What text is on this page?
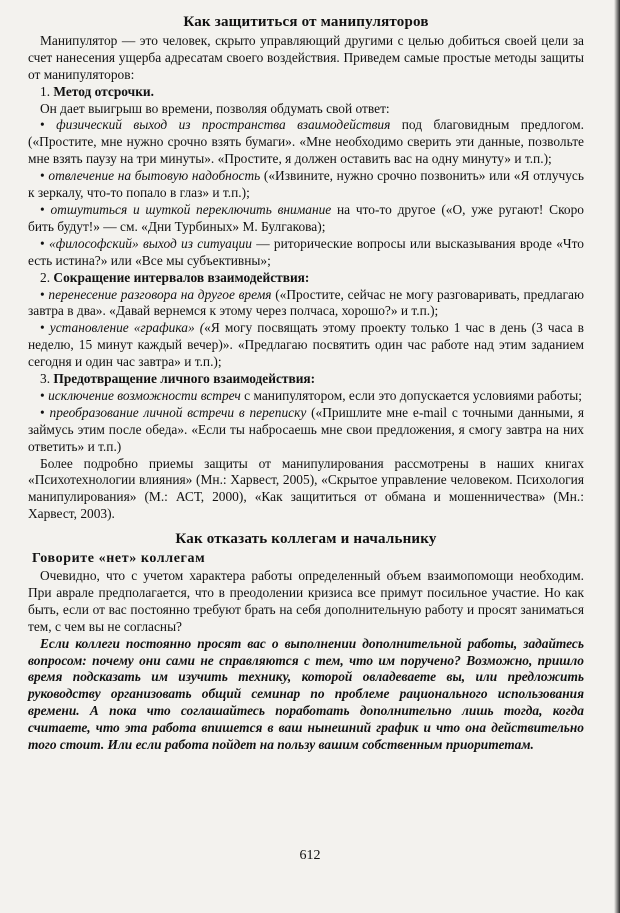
Как защититься от манипуляторов

Манипулятор — это человек, скрыто управляющий другими с целью добиться своей цели за счет нанесения ущерба адресатам своего воздействия. Приведем самые простые методы защиты от манипуляторов:

1. Метод отсрочки.

Он дает выигрыш во времени, позволяя обдумать свой ответ:

• физический выход из пространства взаимодействия под благовидным предлогом. («Простите, мне нужно срочно взять бумаги». «Мне необходимо сверить эти данные, позвольте мне взять паузу на три минуты». «Простите, я должен оставить вас на одну минуту» и т.п.);

• отвлечение на бытовую надобность («Извините, нужно срочно позвонить» или «Я отлучусь к зеркалу, что-то попало в глаз» и т.п.);

• отшутиться и шуткой переключить внимание на что-то другое («О, уже ругают! Скоро бить будут!» — см. «Дни Турбиных» М. Булгакова);

• «философский» выход из ситуации — риторические вопросы или высказывания вроде «Что есть истина?» или «Все мы субъективны»;

2. Сокращение интервалов взаимодействия:

• перенесение разговора на другое время («Простите, сейчас не могу разговаривать, предлагаю завтра в два». «Давай вернемся к этому через полчаса, хорошо?» и т.п.);

• установление «графика» («Я могу посвящать этому проекту только 1 час в день (3 часа в неделю, 15 минут каждый вечер)». «Предлагаю посвятить один час работе над этим заданием сегодня и один час завтра» и т.п.);

3. Предотвращение личного взаимодействия:

• исключение возможности встреч с манипулятором, если это допускается условиями работы;

• преобразование личной встречи в переписку («Пришлите мне e-mail с точными данными, я займусь этим после обеда». «Если ты набросаешь мне свои предложения, я смогу завтра на них ответить» и т.п.)

Более подробно приемы защиты от манипулирования рассмотрены в наших книгах «Психотехнологии влияния» (Мн.: Харвест, 2005), «Скрытое управление человеком. Психология манипулирования» (М.: АСТ, 2000), «Как защититься от обмана и мошенничества» (Мн.: Харвест, 2003).

Как отказать коллегам и начальнику
Говорите «нет» коллегам

Очевидно, что с учетом характера работы определенный объем взаимопомощи необходим. При аврале предполагается, что в преодолении кризиса все примут посильное участие. Но как быть, если от вас постоянно требуют брать на себя дополнительную работу и просят заниматься тем, с чем вы не согласны?

Если коллеги постоянно просят вас о выполнении дополнительной работы, задайтесь вопросом: почему они сами не справляются с тем, что им поручено? Возможно, пришло время подсказать им изучить технику, которой овладеваете вы, или предложить руководству организовать общий семинар по проблеме рационального использования времени. А пока что соглашайтесь поработать дополнительно лишь тогда, когда считаете, что эта работа впишется в ваш нынешний график и что она действительно того стоит. Или если работа пойдет на пользу вашим собственным приоритетам.

612
